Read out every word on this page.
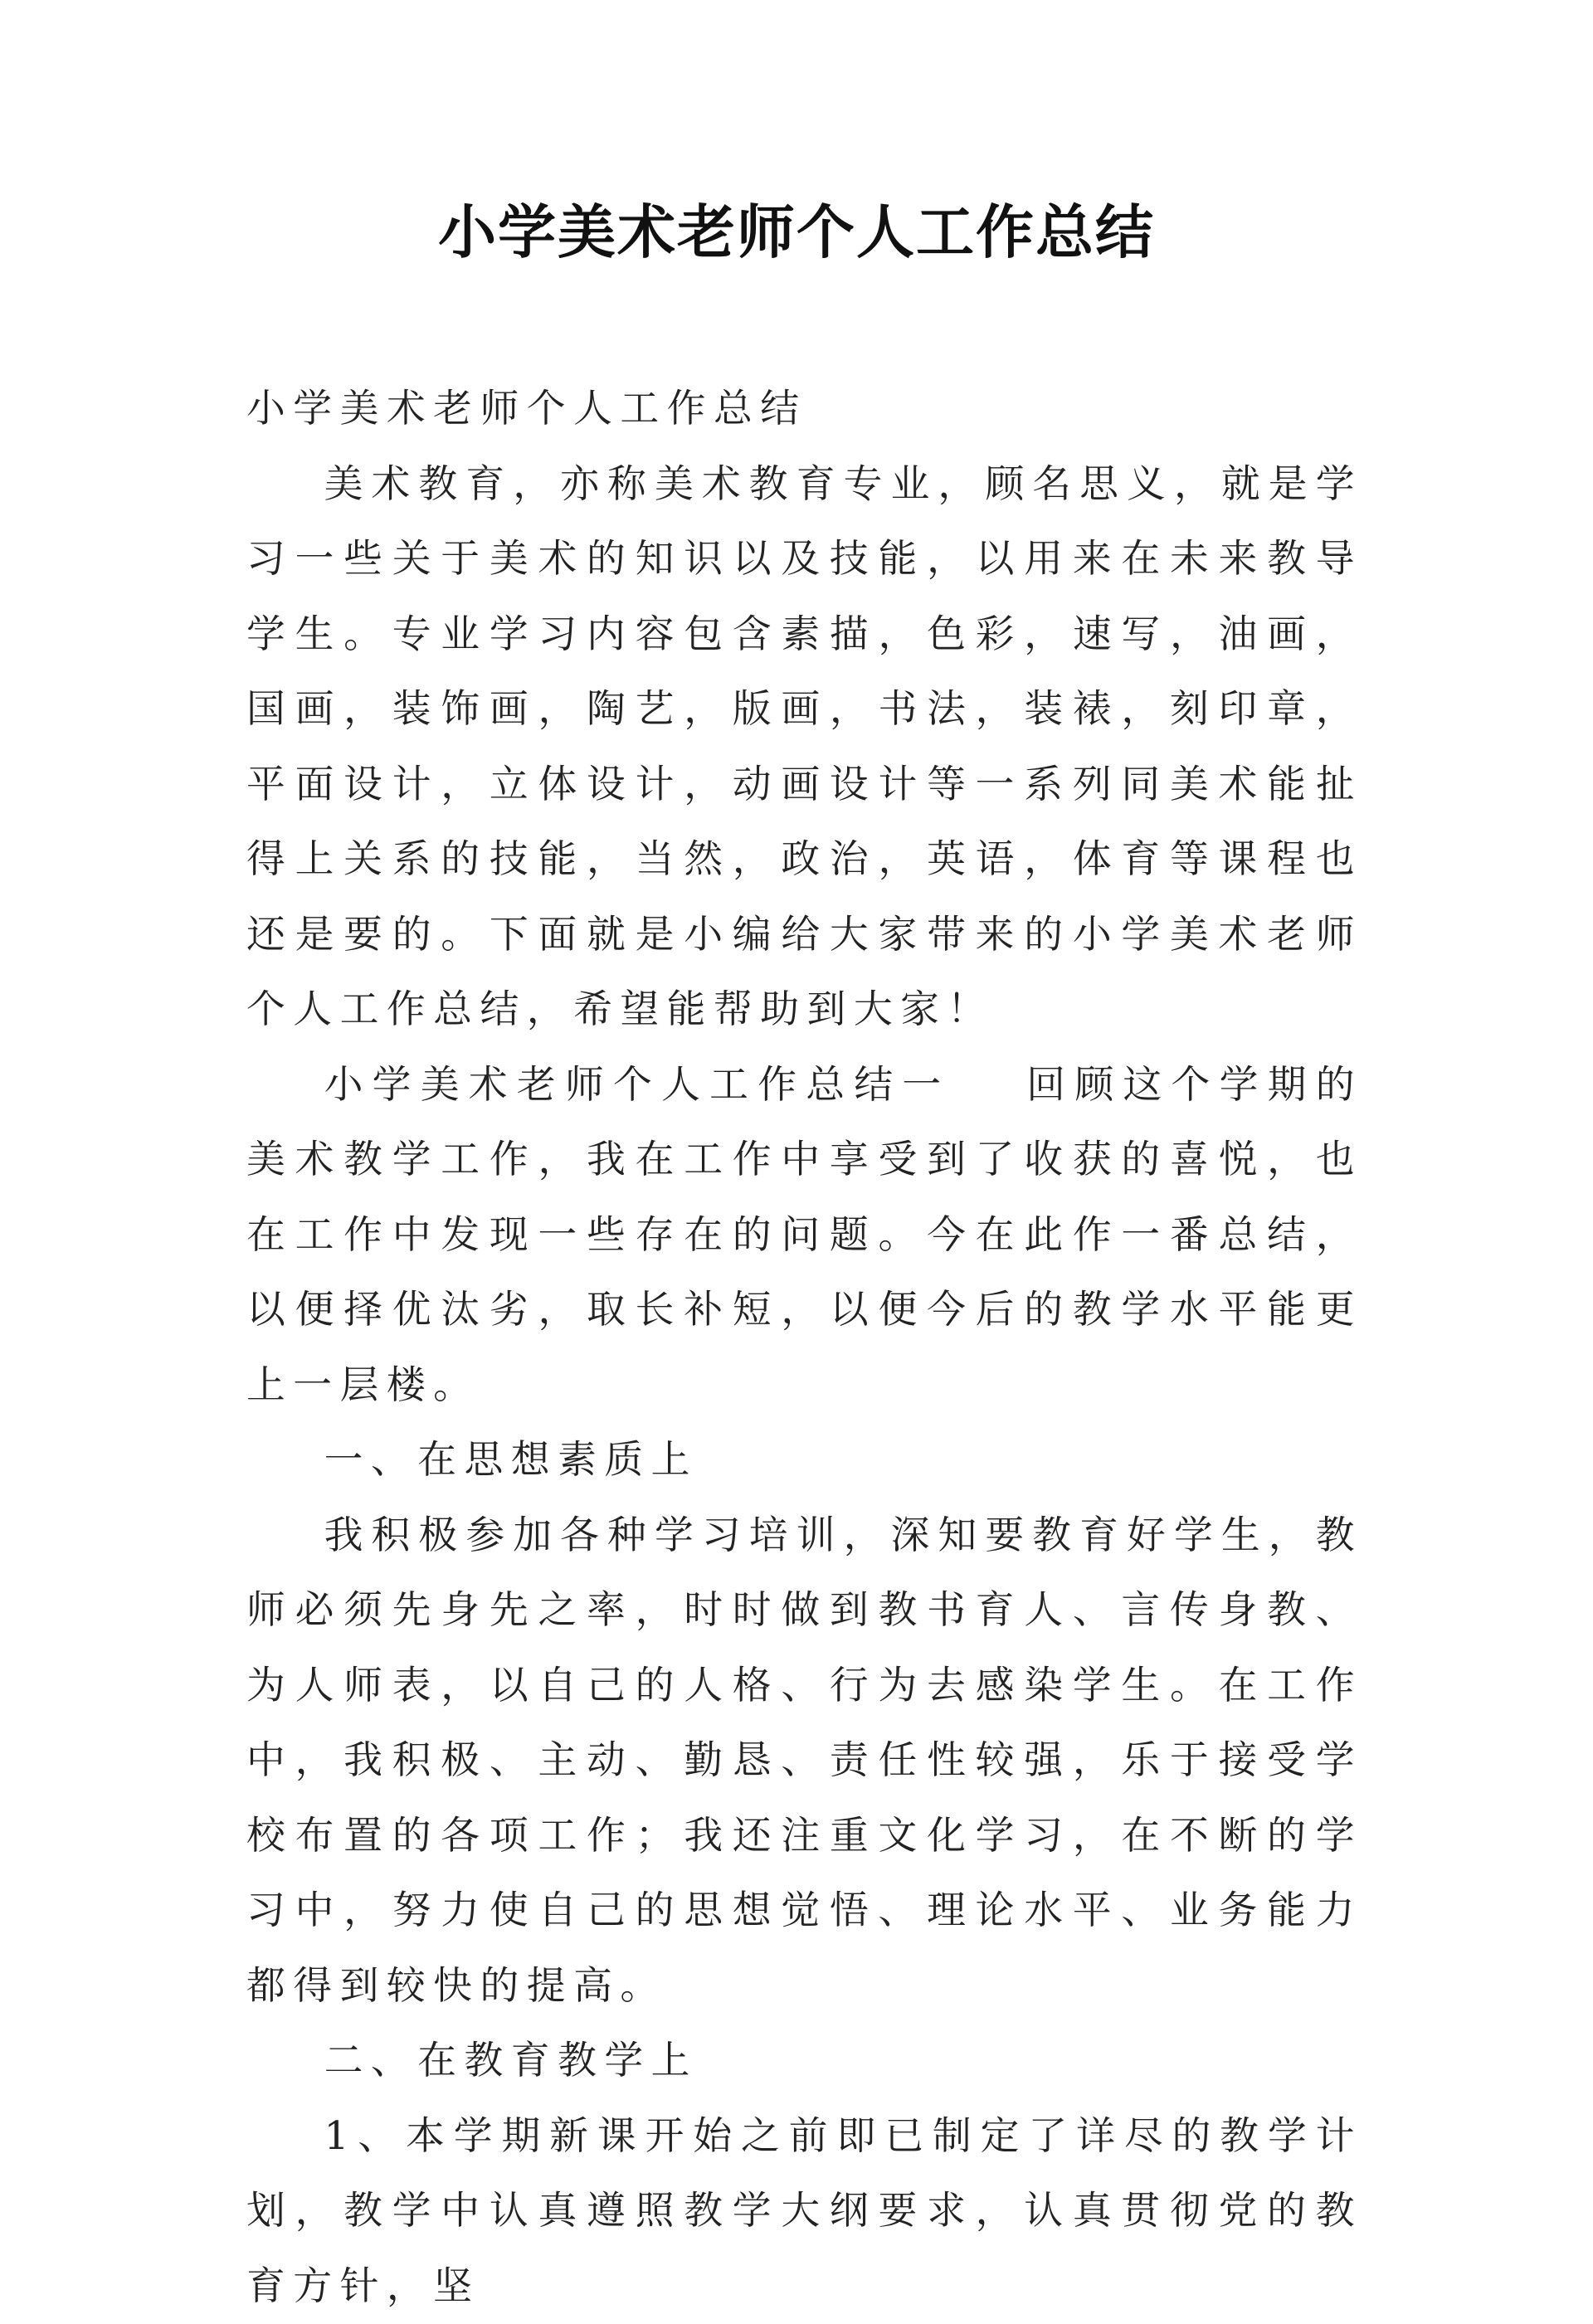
小学美术老师个人工作总结

小学美术老师个人工作总结

美术教育，亦称美术教育专业，顾名思义，就是学习一些关于美术的知识以及技能，以用来在未来教导学生。专业学习内容包含素描，色彩，速写，油画，国画，装饰画，陶艺，版画，书法，装裱，刻印章，平面设计，立体设计，动画设计等一系列同美术能扯得上关系的技能，当然，政治，英语，体育等课程也还是要的。下面就是小编给大家带来的小学美术老师个人工作总结，希望能帮助到大家！

小学美术老师个人工作总结一 回顾这个学期的美术教学工作，我在工作中享受到了收获的喜悦，也在工作中发现一些存在的问题。今在此作一番总结，以便择优汰劣，取长补短，以便今后的教学水平能更上一层楼。

一、在思想素质上

我积极参加各种学习培训，深知要教育好学生，教师必须先身先之率，时时做到教书育人、言传身教、为人师表，以自己的人格、行为去感染学生。在工作中，我积极、主动、勤恳、责任性较强，乐于接受学校布置的各项工作；我还注重文化学习，在不断的学习中，努力使自己的思想觉悟、理论水平、业务能力都得到较快的提高。

二、在教育教学上

1、本学期新课开始之前即已制定了详尽的教学计划，教学中认真遵照教学大纲要求，认真贯彻党的教育方针，坚
